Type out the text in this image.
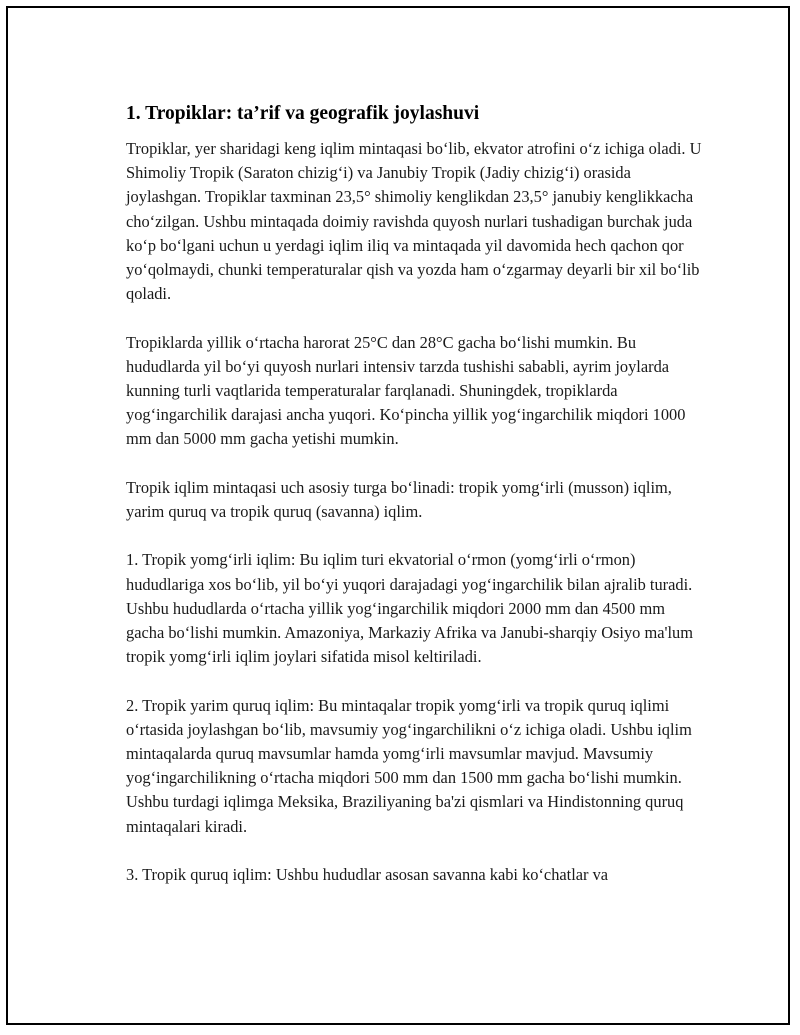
1. Tropiklar: ta’rif va geografik joylashuvi

Tropiklar, yer sharidagi keng iqlim mintaqasi bo‘lib, ekvator atrofini o‘z ichiga oladi. U Shimoliy Tropik (Saraton chizig‘i) va Janubiy Tropik (Jadiy chizig‘i) orasida joylashgan. Tropiklar taxminan 23,5° shimoliy kenglikdan 23,5° janubiy kenglikkacha cho‘zilgan. Ushbu mintaqada doimiy ravishda quyosh nurlari tushadigan burchak juda ko‘p bo‘lgani uchun u yerdagi iqlim iliq va mintaqada yil davomida hech qachon qor yo‘qolmaydi, chunki temperaturalar qish va yozda ham o‘zgarmay deyarli bir xil bo‘lib qoladi.

Tropiklarda yillik o‘rtacha harorat 25°C dan 28°C gacha bo‘lishi mumkin. Bu hududlarda yil bo‘yi quyosh nurlari intensiv tarzda tushishi sababli, ayrim joylarda kunning turli vaqtlarida temperaturalar farqlanadi. Shuningdek, tropiklarda yog‘ingarchilik darajasi ancha yuqori. Ko‘pincha yillik yog‘ingarchilik miqdori 1000 mm dan 5000 mm gacha yetishi mumkin.

Tropik iqlim mintaqasi uch asosiy turga bo‘linadi: tropik yomg‘irli (musson) iqlim, yarim quruq va tropik quruq (savanna) iqlim.

1. Tropik yomg‘irli iqlim: Bu iqlim turi ekvatorial o‘rmon (yomg‘irli o‘rmon) hududlariga xos bo‘lib, yil bo‘yi yuqori darajadagi yog‘ingarchilik bilan ajralib turadi. Ushbu hududlarda o‘rtacha yillik yog‘ingarchilik miqdori 2000 mm dan 4500 mm gacha bo‘lishi mumkin. Amazoniya, Markaziy Afrika va Janubi-sharqiy Osiyo ma'lum tropik yomg‘irli iqlim joylari sifatida misol keltiriladi.

2. Tropik yarim quruq iqlim: Bu mintaqalar tropik yomg‘irli va tropik quruq iqlimi o‘rtasida joylashgan bo‘lib, mavsumiy yog‘ingarchilikni o‘z ichiga oladi. Ushbu iqlim mintaqalarda quruq mavsumlar hamda yomg‘irli mavsumlar mavjud. Mavsumiy yog‘ingarchilikning o‘rtacha miqdori 500 mm dan 1500 mm gacha bo‘lishi mumkin. Ushbu turdagi iqlimga Meksika, Braziliyaning ba'zi qismlari va Hindistonning quruq mintaqalari kiradi.

3. Tropik quruq iqlim: Ushbu hududlar asosan savanna kabi ko‘chatlar va
